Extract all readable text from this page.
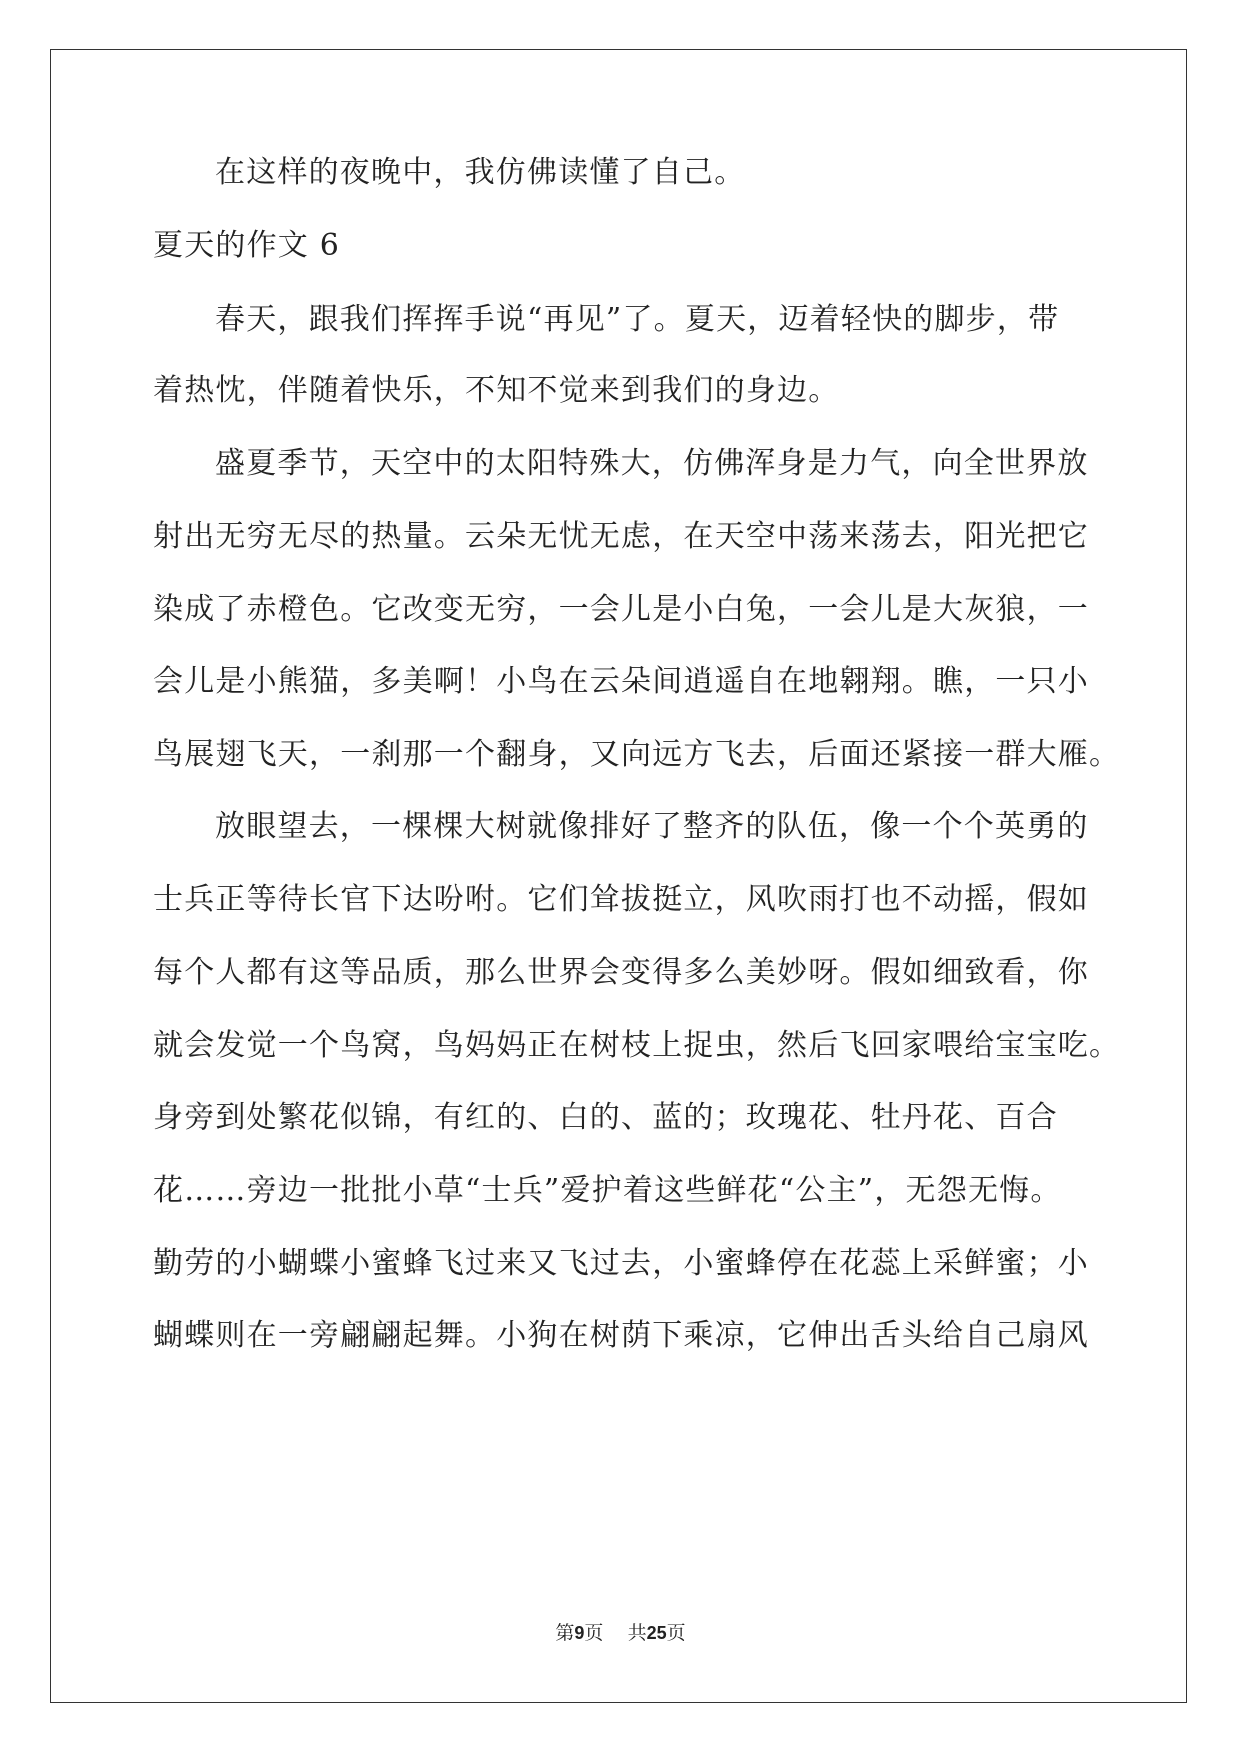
在这样的夜晚中，我仿佛读懂了自己。
夏天的作文 6
春天，跟我们挥挥手说“再见”了。夏天，迈着轻快的脚步，带
着热忱，伴随着快乐，不知不觉来到我们的身边。
盛夏季节，天空中的太阳特殊大，仿佛浑身是力气，向全世界放
射出无穷无尽的热量。云朵无忧无虑，在天空中荡来荡去，阳光把它
染成了赤橙色。它改变无穷，一会儿是小白兔，一会儿是大灰狼，一
会儿是小熊猫，多美啊！小鸟在云朵间逍遥自在地翱翔。瞧，一只小
鸟展翅飞天，一刹那一个翻身，又向远方飞去，后面还紧接一群大雁。
放眼望去，一棵棵大树就像排好了整齐的队伍，像一个个英勇的
士兵正等待长官下达吩咐。它们耸拔挺立，风吹雨打也不动摇，假如
每个人都有这等品质，那么世界会变得多么美妙呀。假如细致看，你
就会发觉一个鸟窝，鸟妈妈正在树枝上捉虫，然后飞回家喂给宝宝吃。
身旁到处繁花似锦，有红的、白的、蓝的；玫瑰花、牡丹花、百合
花……旁边一批批小草“士兵”爱护着这些鲜花“公主”，无怨无悔。
勤劳的小蝴蝶小蜜蜂飞过来又飞过去，小蜜蜂停在花蕊上采鲜蜜；小
蝴蝶则在一旁翩翩起舞。小狗在树荫下乘凉，它伸出舌头给自己扇风
第9页 共25页
